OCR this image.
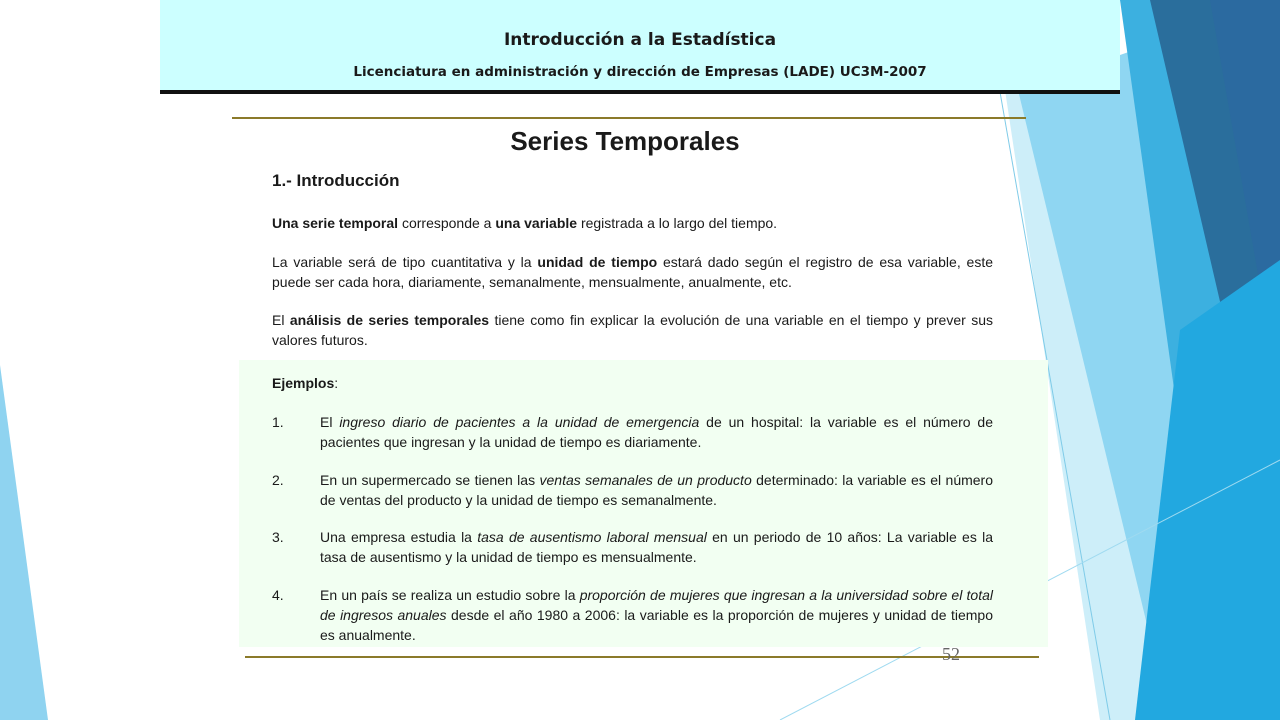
Introducción a la Estadística
Licenciatura en administración y dirección de Empresas (LADE) UC3M-2007
Series Temporales
1.- Introducción

Una serie temporal corresponde a una variable registrada a lo largo del tiempo.

La variable será de tipo cuantitativa y la unidad de tiempo estará dado según el registro de esa variable, este puede ser cada hora, diariamente, semanalmente, mensualmente, anualmente, etc.

El análisis de series temporales tiene como fin explicar la evolución de una variable en el tiempo y prever sus valores futuros.

Ejemplos:
1.	El ingreso diario de pacientes a la unidad de emergencia de un hospital: la variable es el número de pacientes que ingresan y la unidad de tiempo es diariamente.
2.	En un supermercado se tienen las ventas semanales de un producto determinado: la variable es el número de ventas del producto y la unidad de tiempo es semanalmente.
3.	Una empresa estudia la tasa de ausentismo laboral mensual en un periodo de 10 años: La variable es la tasa de ausentismo y la unidad de tiempo es mensualmente.
4.	En un país se realiza un estudio sobre la proporción de mujeres que ingresan a la universidad sobre el total de ingresos anuales desde el año 1980 a 2006: la variable es la proporción de mujeres y unidad de tiempo es anualmente.
52
